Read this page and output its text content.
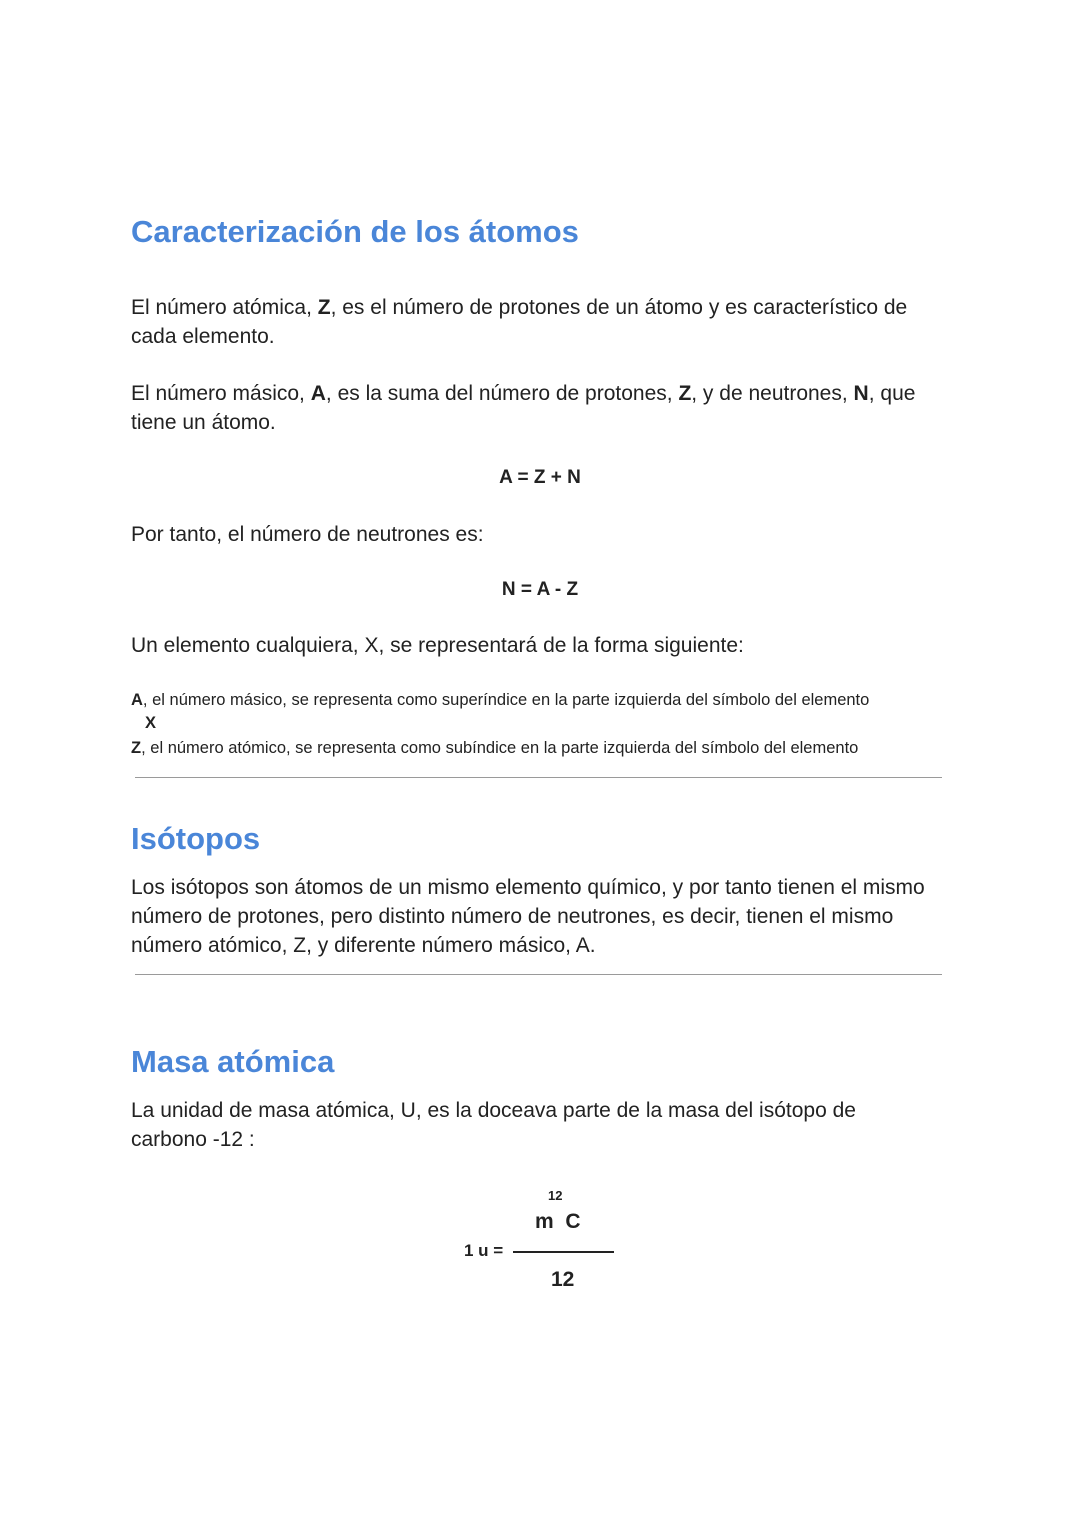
Caracterización de los átomos
El número atómica, Z, es el número de protones de un átomo y es característico de cada elemento.
El número másico, A, es la suma del número de protones, Z, y de neutrones, N, que tiene un átomo.
A = Z + N
Por tanto, el número de neutrones es:
N = A - Z
Un elemento cualquiera, X, se representará de la forma siguiente:
A, el número másico, se representa como superíndice en la parte izquierda del símbolo del elemento
X
Z, el número atómico, se representa como subíndice en la parte izquierda del símbolo del elemento
Isótopos
Los isótopos son átomos de un mismo elemento químico, y por tanto tienen el mismo número de protones, pero distinto número de neutrones, es decir, tienen el mismo número atómico, Z, y diferente número másico, A.
Masa atómica
La unidad de masa atómica, U, es la doceava parte de la masa del isótopo de carbono -12 :
12
m  C
1 u =
12
